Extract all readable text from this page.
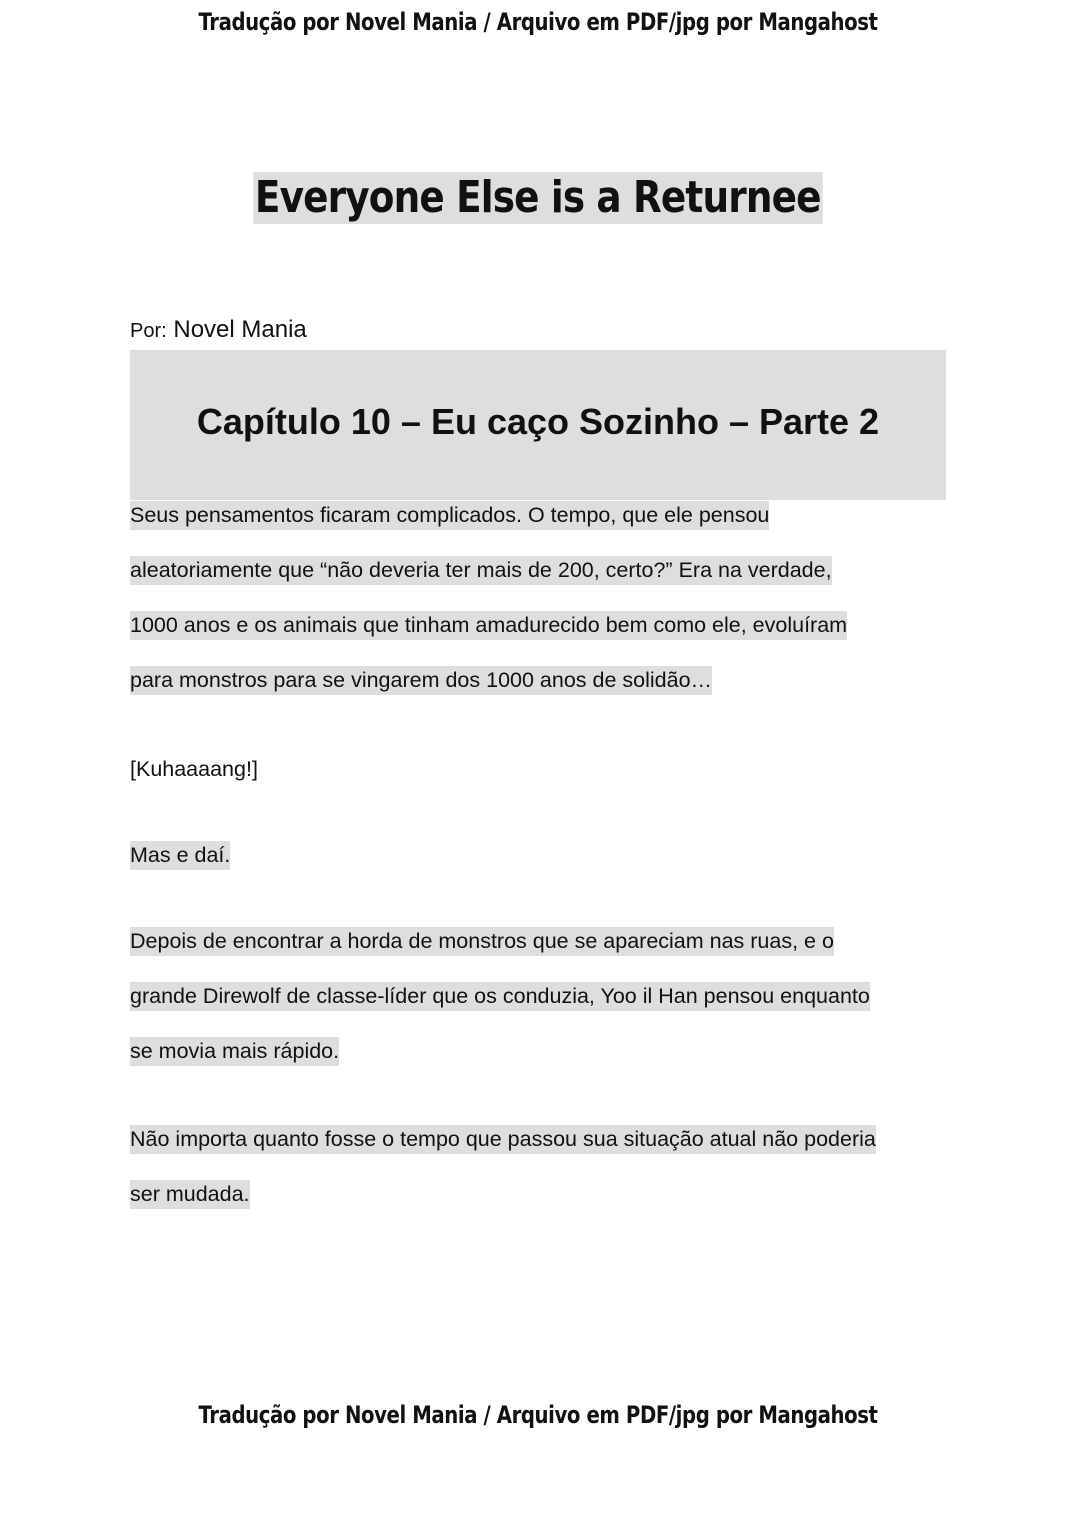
Tradução por Novel Mania / Arquivo em PDF/jpg por Mangahost
Everyone Else is a Returnee
Por: Novel Mania
Capítulo 10 – Eu caço Sozinho – Parte 2
Seus pensamentos ficaram complicados. O tempo, que ele pensou
aleatoriamente que “não deveria ter mais de 200, certo?” Era na verdade,
1000 anos e os animais que tinham amadurecido bem como ele, evoluíram
para monstros para se vingarem dos 1000 anos de solidão…
[Kuhaaaang!]
Mas e daí.
Depois de encontrar a horda de monstros que se apareciam nas ruas, e o
grande Direwolf de classe-líder que os conduzia, Yoo il Han pensou enquanto
se movia mais rápido.
Não importa quanto fosse o tempo que passou sua situação atual não poderia
ser mudada.
Tradução por Novel Mania / Arquivo em PDF/jpg por Mangahost
